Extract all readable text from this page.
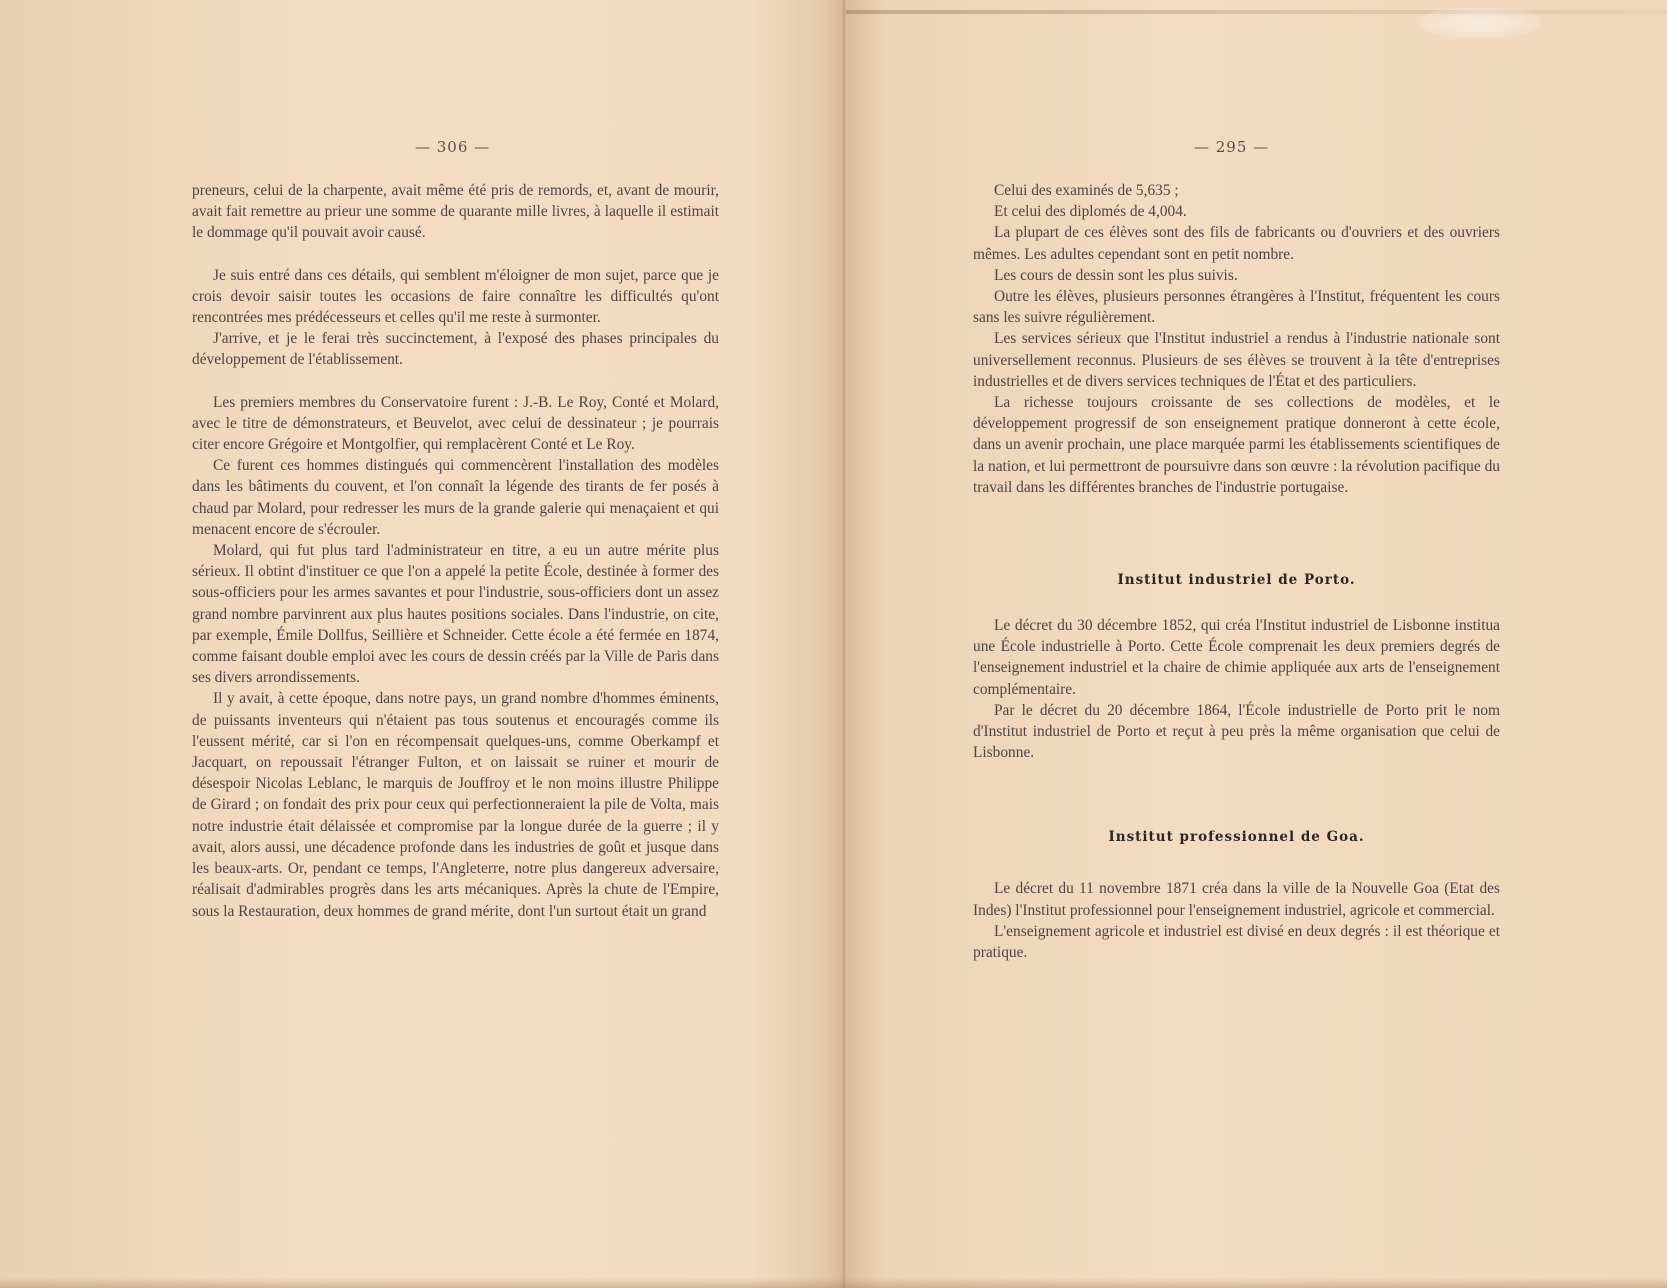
— 306 —

preneurs, celui de la charpente, avait même été pris de remords, et, avant de mourir, avait fait remettre au prieur une somme de quarante mille livres, à laquelle il estimait le dommage qu'il pouvait avoir causé.

Je suis entré dans ces détails, qui semblent m'éloigner de mon sujet, parce que je crois devoir saisir toutes les occasions de faire connaître les difficultés qu'ont rencontrées mes prédécesseurs et celles qu'il me reste à surmonter.

J'arrive, et je le ferai très succinctement, à l'exposé des phases principales du développement de l'établissement.

Les premiers membres du Conservatoire furent : J.-B. Le Roy, Conté et Molard, avec le titre de démonstrateurs, et Beuvelot, avec celui de dessinateur ; je pourrais citer encore Grégoire et Montgolfier, qui remplacèrent Conté et Le Roy.

Ce furent ces hommes distingués qui commencèrent l'installation des modèles dans les bâtiments du couvent, et l'on connaît la légende des tirants de fer posés à chaud par Molard, pour redresser les murs de la grande galerie qui menaçaient et qui menacent encore de s'écrouler.

Molard, qui fut plus tard l'administrateur en titre, a eu un autre mérite plus sérieux. Il obtint d'instituer ce que l'on a appelé la petite École, destinée à former des sous-officiers pour les armes savantes et pour l'industrie, sous-officiers dont un assez grand nombre parvinrent aux plus hautes positions sociales. Dans l'industrie, on cite, par exemple, Émile Dollfus, Seillière et Schneider. Cette école a été fermée en 1874, comme faisant double emploi avec les cours de dessin créés par la Ville de Paris dans ses divers arrondissements.

Il y avait, à cette époque, dans notre pays, un grand nombre d'hommes éminents, de puissants inventeurs qui n'étaient pas tous soutenus et encouragés comme ils l'eussent mérité, car si l'on en récompensait quelques-uns, comme Oberkampf et Jacquart, on repoussait l'étranger Fulton, et on laissait se ruiner et mourir de désespoir Nicolas Leblanc, le marquis de Jouffroy et le non moins illustre Philippe de Girard ; on fondait des prix pour ceux qui perfectionneraient la pile de Volta, mais notre industrie était délaissée et compromise par la longue durée de la guerre ; il y avait, alors aussi, une décadence profonde dans les industries de goût et jusque dans les beaux-arts. Or, pendant ce temps, l'Angleterre, notre plus dangereux adversaire, réalisait d'admirables progrès dans les arts mécaniques. Après la chute de l'Empire, sous la Restauration, deux hommes de grand mérite, dont l'un surtout était un grand

— 295 —

Celui des examinés de 5,635 ;

Et celui des diplomés de 4,004.

La plupart de ces élèves sont des fils de fabricants ou d'ouvriers et des ouvriers mêmes. Les adultes cependant sont en petit nombre.

Les cours de dessin sont les plus suivis.

Outre les élèves, plusieurs personnes étrangères à l'Institut, fréquentent les cours sans les suivre régulièrement.

Les services sérieux que l'Institut industriel a rendus à l'industrie nationale sont universellement reconnus. Plusieurs de ses élèves se trouvent à la tête d'entreprises industrielles et de divers services techniques de l'État et des particuliers.

La richesse toujours croissante de ses collections de modèles, et le développement progressif de son enseignement pratique donneront à cette école, dans un avenir prochain, une place marquée parmi les établissements scientifiques de la nation, et lui permettront de poursuivre dans son œuvre : la révolution pacifique du travail dans les différentes branches de l'industrie portugaise.

Institut industriel de Porto.

Le décret du 30 décembre 1852, qui créa l'Institut industriel de Lisbonne institua une École industrielle à Porto. Cette École comprenait les deux premiers degrés de l'enseignement industriel et la chaire de chimie appliquée aux arts de l'enseignement complémentaire.

Par le décret du 20 décembre 1864, l'École industrielle de Porto prit le nom d'Institut industriel de Porto et reçut à peu près la même organisation que celui de Lisbonne.

Institut professionnel de Goa.

Le décret du 11 novembre 1871 créa dans la ville de la Nouvelle Goa (Etat des Indes) l'Institut professionnel pour l'enseignement industriel, agricole et commercial.

L'enseignement agricole et industriel est divisé en deux degrés : il est théorique et pratique.
